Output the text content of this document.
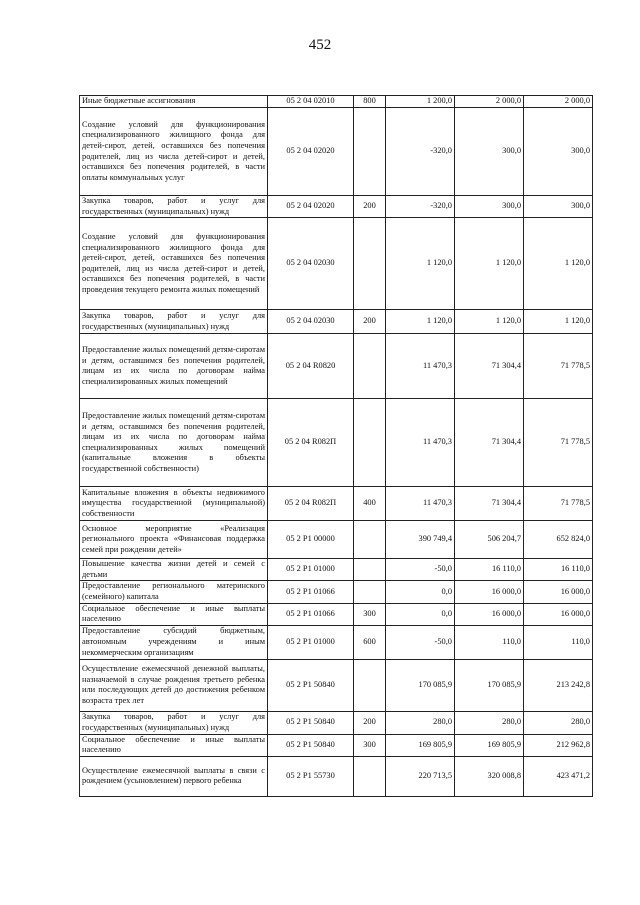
452
Иные бюджетные ассигнования	05 2 04 02010	800	1 200,0	2 000,0	2 000,0
Создание условий для функционирования специализированного жилищного фонда для детей-сирот, детей, оставшихся без попечения родителей, лиц из числа детей-сирот и детей, оставшихся без попечения родителей, в части оплаты коммунальных услуг	05 2 04 02020		-320,0	300,0	300,0
Закупка товаров, работ и услуг для государственных (муниципальных) нужд	05 2 04 02020	200	-320,0	300,0	300,0
Создание условий для функционирования специализированного жилищного фонда для детей-сирот, детей, оставшихся без попечения родителей, лиц из числа детей-сирот и детей, оставшихся без попечения родителей, в части проведения текущего ремонта жилых помещений	05 2 04 02030		1 120,0	1 120,0	1 120,0
Закупка товаров, работ и услуг для государственных (муниципальных) нужд	05 2 04 02030	200	1 120,0	1 120,0	1 120,0
Предоставление жилых помещений детям-сиротам и детям, оставшимся без попечения родителей, лицам из их числа по договорам найма специализированных жилых помещений	05 2 04 R0820		11 470,3	71 304,4	71 778,5
Предоставление жилых помещений детям-сиротам и детям, оставшимся без попечения родителей, лицам из их числа по договорам найма специализированных жилых помещений (капитальные вложения в объекты государственной собственности)	05 2 04 R082П		11 470,3	71 304,4	71 778,5
Капитальные вложения в объекты недвижимого имущества государственной (муниципальной) собственности	05 2 04 R082П	400	11 470,3	71 304,4	71 778,5
Основное мероприятие «Реализация регионального проекта «Финансовая поддержка семей при рождении детей»	05 2 P1 00000		390 749,4	506 204,7	652 824,0
Повышение качества жизни детей и семей с детьми	05 2 P1 01000		-50,0	16 110,0	16 110,0
Предоставление регионального материнского (семейного) капитала	05 2 P1 01066		0,0	16 000,0	16 000,0
Социальное обеспечение и иные выплаты населению	05 2 P1 01066	300	0,0	16 000,0	16 000,0
Предоставление субсидий бюджетным, автономным учреждениям и иным некоммерческим организациям	05 2 P1 01000	600	-50,0	110,0	110,0
Осуществление ежемесячной денежной выплаты, назначаемой в случае рождения третьего ребенка или последующих детей до достижения ребенком возраста трех лет	05 2 P1 50840		170 085,9	170 085,9	213 242,8
Закупка товаров, работ и услуг для государственных (муниципальных) нужд	05 2 P1 50840	200	280,0	280,0	280,0
Социальное обеспечение и иные выплаты населению	05 2 P1 50840	300	169 805,9	169 805,9	212 962,8
Осуществление ежемесячной выплаты в связи с рождением (усыновлением) первого ребенка	05 2 P1 55730		220 713,5	320 008,8	423 471,2
